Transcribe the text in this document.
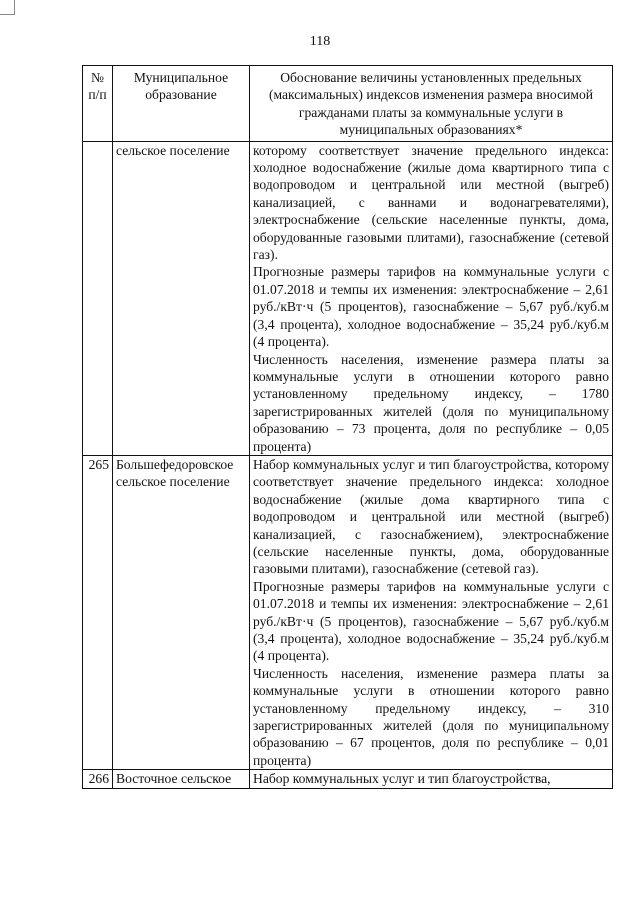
118
№ п/п	Муниципальное образование	Обоснование величины установленных предельных (максимальных) индексов изменения размера вносимой гражданами платы за коммунальные услуги в муниципальных образованиях*
	сельское поселение	которому соответствует значение предельного индекса: холодное водоснабжение (жилые дома квартирного типа с водопроводом и центральной или местной (выгреб) канализацией, с ваннами и водонагревателями), электроснабжение (сельские населенные пункты, дома, оборудованные газовыми плитами), газоснабжение (сетевой газ).

Прогнозные размеры тарифов на коммунальные услуги с 01.07.2018 и темпы их изменения: электроснабжение – 2,61 руб./кВт·ч (5 процентов), газоснабжение – 5,67 руб./куб.м (3,4 процента), холодное водоснабжение – 35,24 руб./куб.м (4 процента).

Численность населения, изменение размера платы за коммунальные услуги в отношении которого равно установленному предельному индексу, – 1780 зарегистрированных жителей (доля по муниципальному образованию – 73 процента, доля по республике – 0,05 процента)

265	Большефедоровское сельское поселение	Набор коммунальных услуг и тип благоустройства, которому соответствует значение предельного индекса: холодное водоснабжение (жилые дома квартирного типа с водопроводом и центральной или местной (выгреб) канализацией, с газоснабжением), электроснабжение (сельские населенные пункты, дома, оборудованные газовыми плитами), газоснабжение (сетевой газ).

Прогнозные размеры тарифов на коммунальные услуги с 01.07.2018 и темпы их изменения: электроснабжение – 2,61 руб./кВт·ч (5 процентов), газоснабжение – 5,67 руб./куб.м (3,4 процента), холодное водоснабжение – 35,24 руб./куб.м (4 процента).

Численность населения, изменение размера платы за коммунальные услуги в отношении которого равно установленному предельному индексу, – 310 зарегистрированных жителей (доля по муниципальному образованию – 67 процентов, доля по республике – 0,01 процента)

266	Восточное сельское	Набор коммунальных услуг и тип благоустройства,
